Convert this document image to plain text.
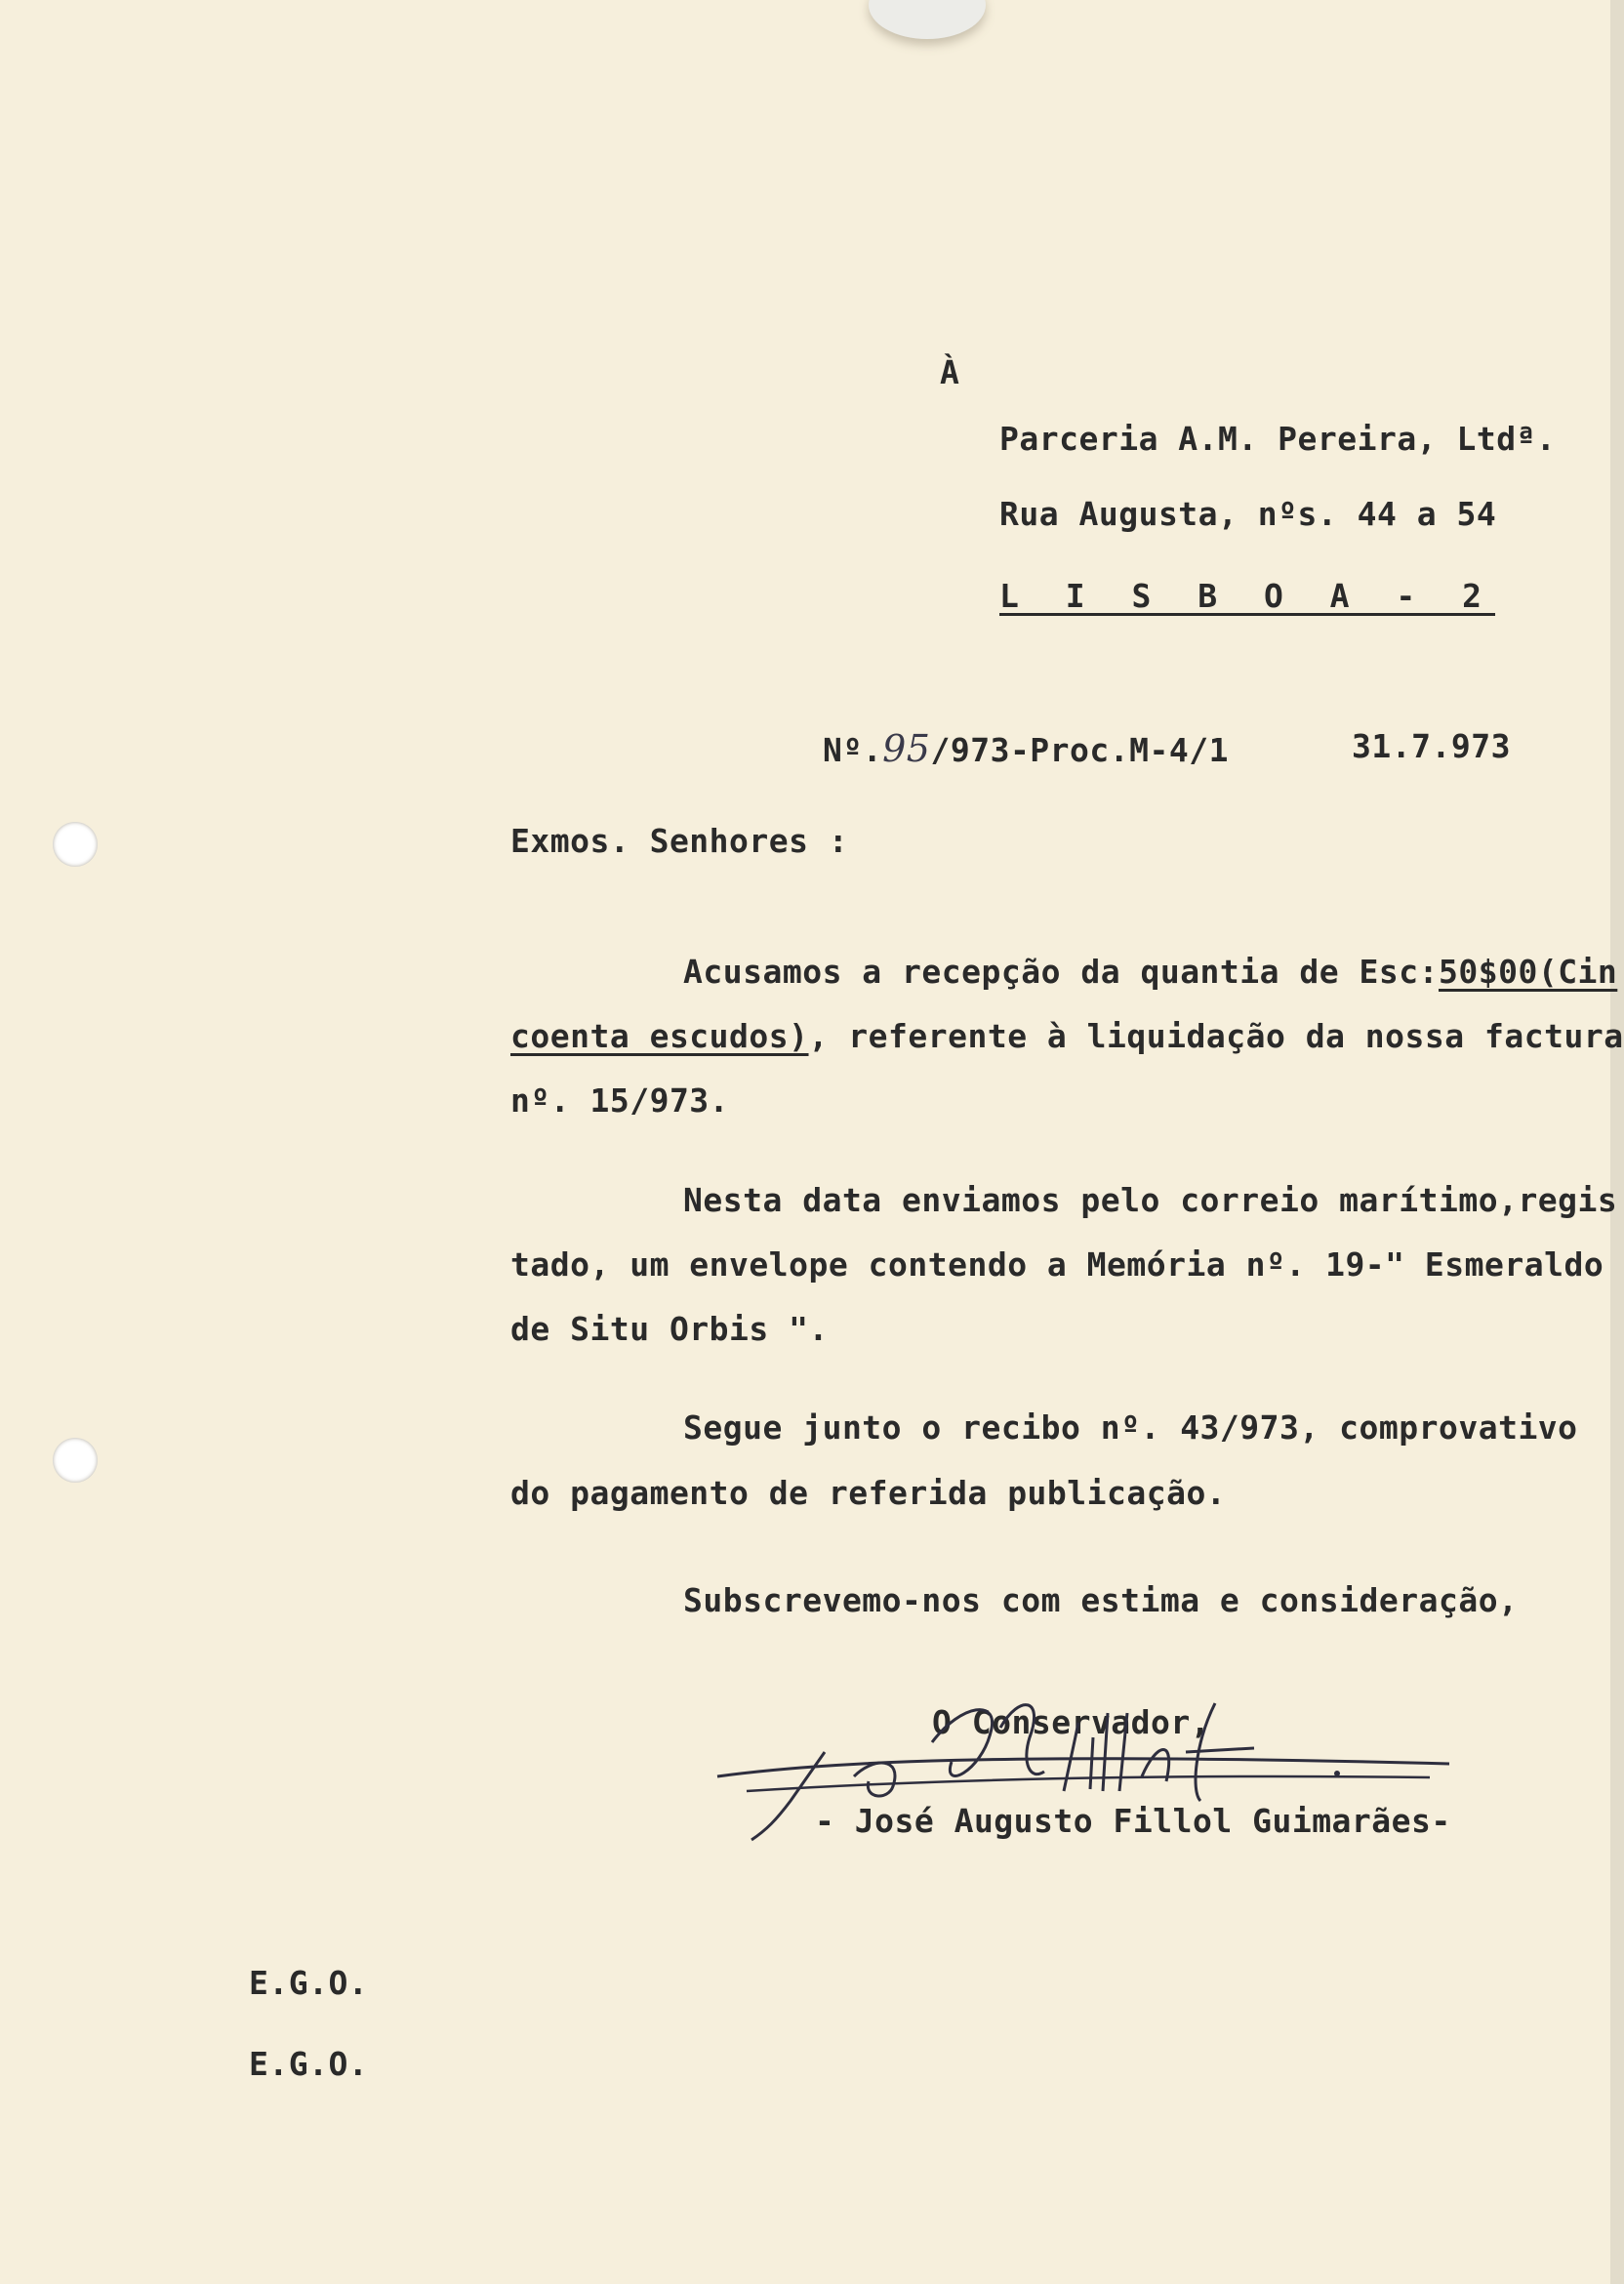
À
Parceria A.M. Pereira, Ltdª.
Rua Augusta, nºs. 44 a 54
L I S B O A - 2
Nº.95/973-Proc.M-4/1	31.7.973
Exmos. Senhores :
Acusamos a recepção da quantia de Esc:50$00(Cin
coenta escudos), referente à liquidação da nossa factura
nº. 15/973.
Nesta data enviamos pelo correio marítimo,regis
tado, um envelope contendo a Memória nº. 19-" Esmeraldo
de Situ Orbis ".
Segue junto o recibo nº. 43/973, comprovativo
do pagamento de referida publicação.
Subscrevemo-nos com estima e consideração,
O Conservador,
- José Augusto Fillol Guimarães-
E.G.O.
E.G.O.
